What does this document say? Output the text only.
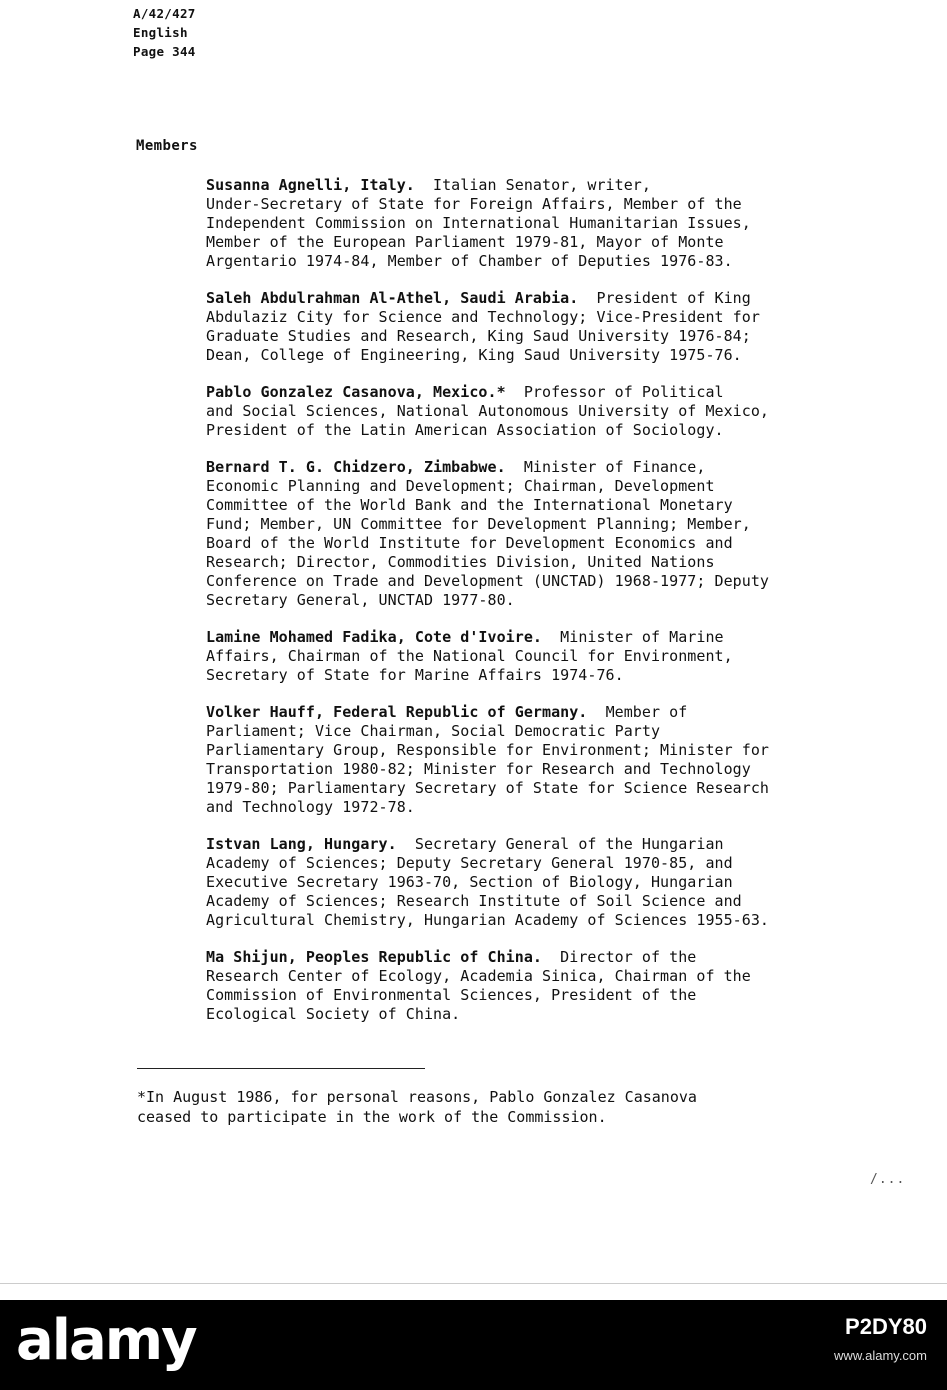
A/42/427
English
Page 344
Members
Susanna Agnelli, Italy.  Italian Senator, writer,
Under-Secretary of State for Foreign Affairs, Member of the
Independent Commission on International Humanitarian Issues,
Member of the European Parliament 1979-81, Mayor of Monte
Argentario 1974-84, Member of Chamber of Deputies 1976-83.
Saleh Abdulrahman Al-Athel, Saudi Arabia.  President of King
Abdulaziz City for Science and Technology; Vice-President for
Graduate Studies and Research, King Saud University 1976-84;
Dean, College of Engineering, King Saud University 1975-76.
Pablo Gonzalez Casanova, Mexico.*  Professor of Political
and Social Sciences, National Autonomous University of Mexico,
President of the Latin American Association of Sociology.
Bernard T. G. Chidzero, Zimbabwe.  Minister of Finance,
Economic Planning and Development; Chairman, Development
Committee of the World Bank and the International Monetary
Fund; Member, UN Committee for Development Planning; Member,
Board of the World Institute for Development Economics and
Research; Director, Commodities Division, United Nations
Conference on Trade and Development (UNCTAD) 1968-1977; Deputy
Secretary General, UNCTAD 1977-80.
Lamine Mohamed Fadika, Cote d'Ivoire.  Minister of Marine
Affairs, Chairman of the National Council for Environment,
Secretary of State for Marine Affairs 1974-76.
Volker Hauff, Federal Republic of Germany.  Member of
Parliament; Vice Chairman, Social Democratic Party
Parliamentary Group, Responsible for Environment; Minister for
Transportation 1980-82; Minister for Research and Technology
1979-80; Parliamentary Secretary of State for Science Research
and Technology 1972-78.
Istvan Lang, Hungary.  Secretary General of the Hungarian
Academy of Sciences; Deputy Secretary General 1970-85, and
Executive Secretary 1963-70, Section of Biology, Hungarian
Academy of Sciences; Research Institute of Soil Science and
Agricultural Chemistry, Hungarian Academy of Sciences 1955-63.
Ma Shijun, Peoples Republic of China.  Director of the
Research Center of Ecology, Academia Sinica, Chairman of the
Commission of Environmental Sciences, President of the
Ecological Society of China.
*In August 1986, for personal reasons, Pablo Gonzalez Casanova
ceased to participate in the work of the Commission.
/...
alamy	P2DY80
www.alamy.com
